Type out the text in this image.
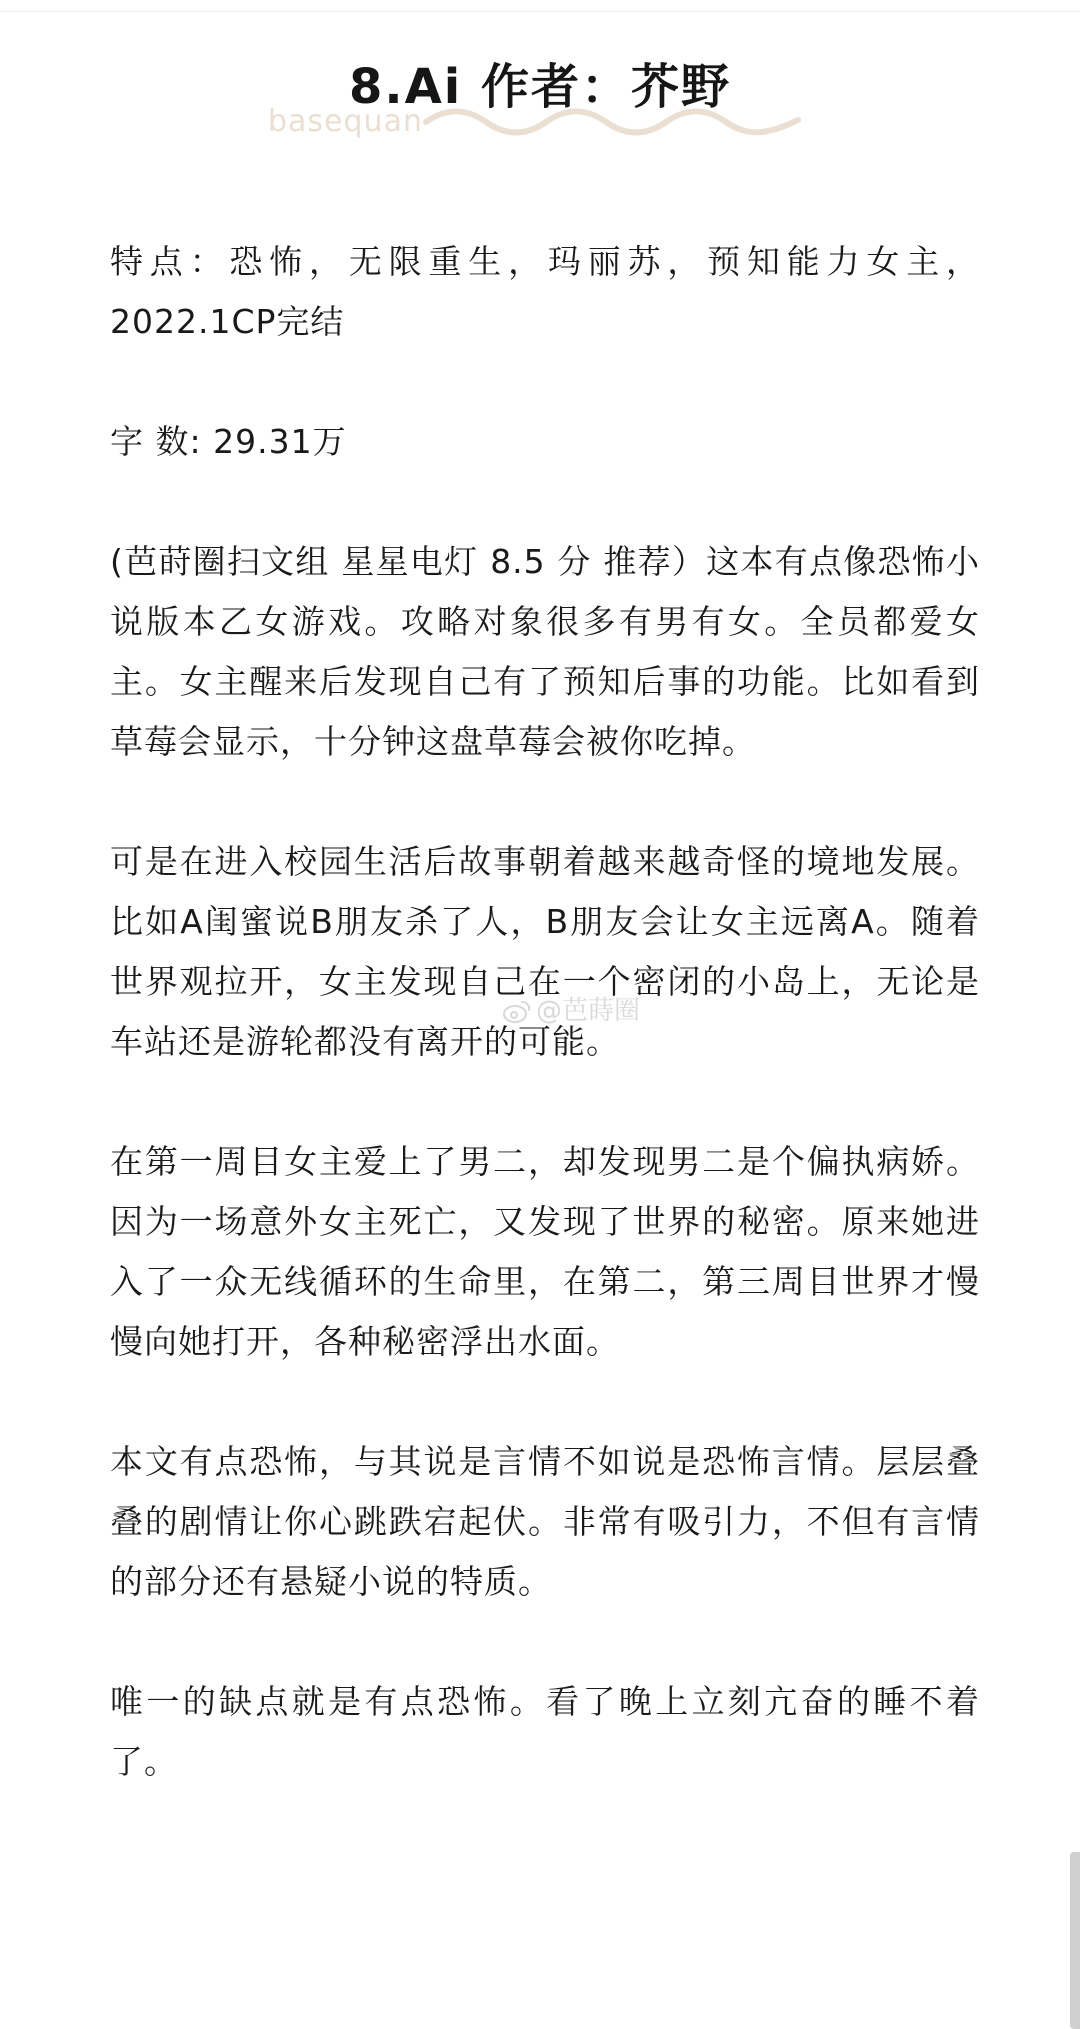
8.Ai 作者：芥野
basequan

特点：恐怖，无限重生，玛丽苏，预知能力女主，2022.1CP完结

字 数: 29.31万

(芭莳圈扫文组 星星电灯 8.5 分 推荐）这本有点像恐怖小说版本乙女游戏。攻略对象很多有男有女。全员都爱女主。女主醒来后发现自己有了预知后事的功能。比如看到草莓会显示，十分钟这盘草莓会被你吃掉。

可是在进入校园生活后故事朝着越来越奇怪的境地发展。比如A闺蜜说B朋友杀了人，B朋友会让女主远离A。随着世界观拉开，女主发现自己在一个密闭的小岛上，无论是车站还是游轮都没有离开的可能。

在第一周目女主爱上了男二，却发现男二是个偏执病娇。因为一场意外女主死亡，又发现了世界的秘密。原来她进入了一众无线循环的生命里，在第二，第三周目世界才慢慢向她打开，各种秘密浮出水面。

本文有点恐怖，与其说是言情不如说是恐怖言情。层层叠叠的剧情让你心跳跌宕起伏。非常有吸引力，不但有言情的部分还有悬疑小说的特质。

唯一的缺点就是有点恐怖。看了晚上立刻亢奋的睡不着了。

@芭蒔圈
